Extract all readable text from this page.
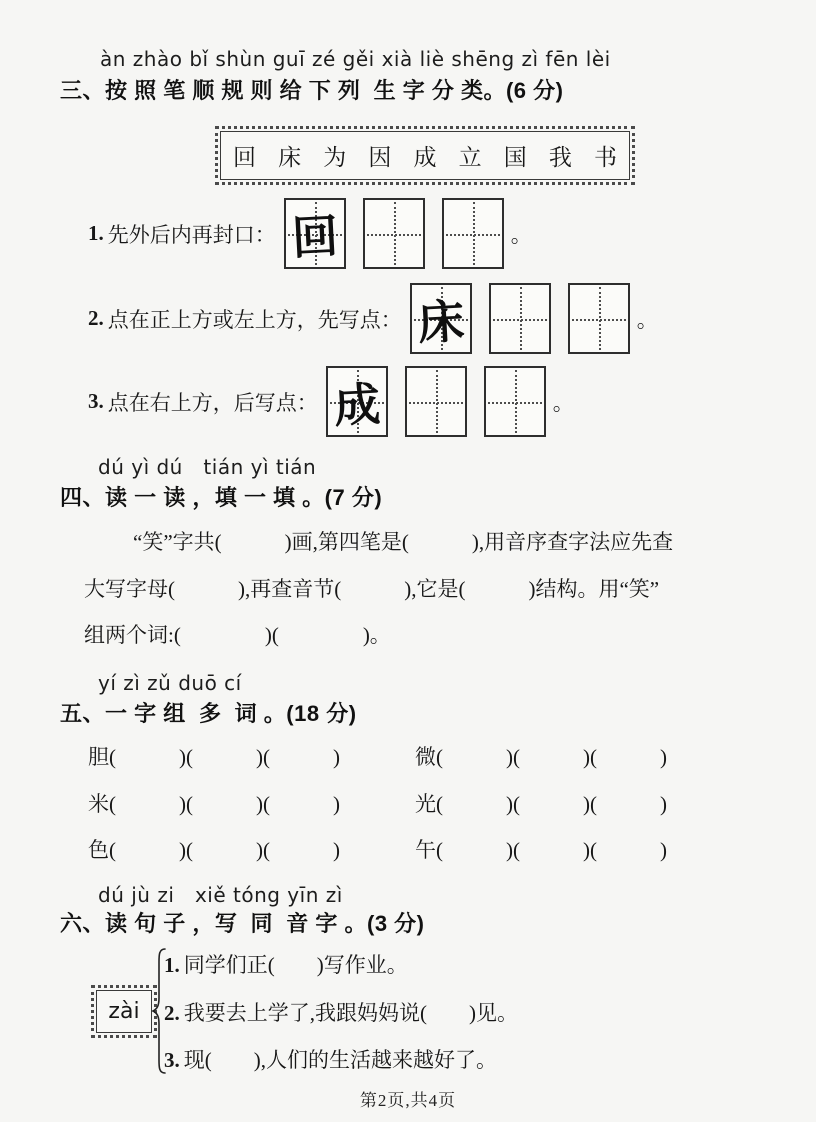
àn zhào bǐ shùn guī zé gěi xià liè shēng zì fēn lèi
三、按 照 笔 顺 规 则 给 下 列  生 字 分 类。(6 分)
回 床 为 因 成 立 国 我 书
1. 先外后内再封口： 回	。
2. 点在正上方或左上方，先写点： 床	。
3. 点在右上方，后写点： 成	。
dú yì dú   tián yì tián
四、读 一 读 ，填 一 填 。(7 分)
“笑”字共(　　　)画,第四笔是(　　　),用音序查字法应先查
大写字母(　　　),再查音节(　　　),它是(　　　)结构。用“笑”
组两个词:(　　　　)(　　　　)。
yí zì zǔ duō cí
五、一 字 组  多  词 。(18 分)
胆(　　　)(　　　)(　　　)	微(　　　)(　　　)(　　　)
米(　　　)(　　　)(　　　)	光(　　　)(　　　)(　　　)
色(　　　)(　　　)(　　　)	午(　　　)(　　　)(　　　)
dú jù zi   xiě tóng yīn zì
六、读 句 子 ，写  同  音 字 。(3 分)
zài
1. 同学们正(　　)写作业。
2. 我要去上学了,我跟妈妈说(　　)见。
3. 现(　　),人们的生活越来越好了。
第2页,共4页
